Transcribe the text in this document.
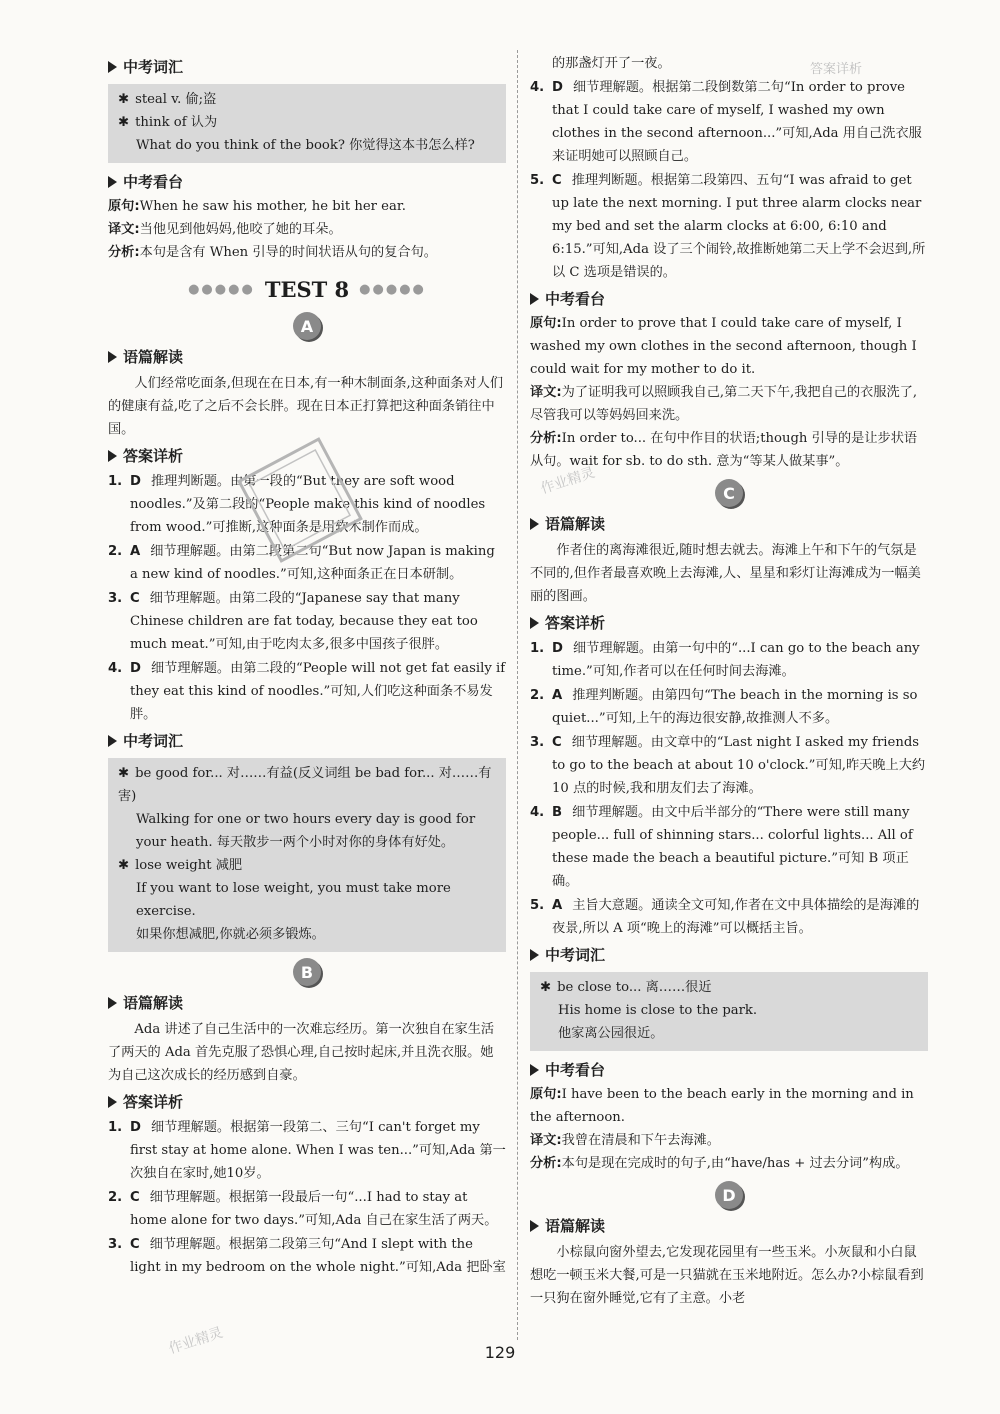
答案详析
中考词汇

✱ steal v. 偷;盗

✱ think of 认为

What do you think of the book? 你觉得这本书怎么样?

中考看台

原句:When he saw his mother, he bit her ear.

译文:当他见到他妈妈,他咬了她的耳朵。

分析:本句是含有 When 引导的时间状语从句的复合句。

●●●●● TEST 8 ●●●●●
A
语篇解读

人们经常吃面条,但现在在日本,有一种木制面条,这种面条对人们的健康有益,吃了之后不会长胖。现在日本正打算把这种面条销往中国。

答案详析
1. D 推理判断题。由第一段的“But they are soft wood noodles.”及第二段的“People make this kind of noodles from wood.”可推断,这种面条是用软木制作而成。
2. A 细节理解题。由第二段第二句“But now Japan is making a new kind of noodles.”可知,这种面条正在日本研制。
3. C 细节理解题。由第二段的“Japanese say that many Chinese children are fat today, because they eat too much meat.”可知,由于吃肉太多,很多中国孩子很胖。
4. D 细节理解题。由第二段的“People will not get fat easily if they eat this kind of noodles.”可知,人们吃这种面条不易发胖。
中考词汇

✱ be good for... 对……有益(反义词组 be bad for... 对……有害)

Walking for one or two hours every day is good for your heath. 每天散步一两个小时对你的身体有好处。

✱ lose weight 减肥

If you want to lose weight, you must take more exercise.

如果你想减肥,你就必须多锻炼。

B
语篇解读

Ada 讲述了自己生活中的一次难忘经历。第一次独自在家生活了两天的 Ada 首先克服了恐惧心理,自己按时起床,并且洗衣服。她为自己这次成长的经历感到自豪。

答案详析
1. D 细节理解题。根据第一段第二、三句“I can't forget my first stay at home alone. When I was ten...”可知,Ada 第一次独自在家时,她10岁。
2. C 细节理解题。根据第一段最后一句“...I had to stay at home alone for two days.”可知,Ada 自己在家生活了两天。
3. C 细节理解题。根据第二段第三句“And I slept with the light in my bedroom on the whole night.”可知,Ada 把卧室

的那盏灯开了一夜。

4. D 细节理解题。根据第二段倒数第二句“In order to prove that I could take care of myself, I washed my own clothes in the second afternoon...”可知,Ada 用自己洗衣服来证明她可以照顾自己。
5. C 推理判断题。根据第二段第四、五句“I was afraid to get up late the next morning. I put three alarm clocks near my bed and set the alarm clocks at 6:00, 6:10 and 6:15.”可知,Ada 设了三个闹铃,故推断她第二天上学不会迟到,所以 C 选项是错误的。
中考看台

原句:In order to prove that I could take care of myself, I washed my own clothes in the second afternoon, though I could wait for my mother to do it.

译文:为了证明我可以照顾我自己,第二天下午,我把自己的衣服洗了,尽管我可以等妈妈回来洗。

分析:In order to... 在句中作目的状语;though 引导的是让步状语从句。wait for sb. to do sth. 意为“等某人做某事”。

C
语篇解读

作者住的离海滩很近,随时想去就去。海滩上午和下午的气氛是不同的,但作者最喜欢晚上去海滩,人、星星和彩灯让海滩成为一幅美丽的图画。

答案详析
1. D 细节理解题。由第一句中的“...I can go to the beach any time.”可知,作者可以在任何时间去海滩。
2. A 推理判断题。由第四句“The beach in the morning is so quiet...”可知,上午的海边很安静,故推测人不多。
3. C 细节理解题。由文章中的“Last night I asked my friends to go to the beach at about 10 o'clock.”可知,昨天晚上大约 10 点的时候,我和朋友们去了海滩。
4. B 细节理解题。由文中后半部分的“There were still many people... full of shinning stars... colorful lights... All of these made the beach a beautiful picture.”可知 B 项正确。
5. A 主旨大意题。通读全文可知,作者在文中具体描绘的是海滩的夜景,所以 A 项“晚上的海滩”可以概括主旨。
中考词汇

✱ be close to... 离……很近

His home is close to the park.

他家离公园很近。

中考看台

原句:I have been to the beach early in the morning and in the afternoon.

译文:我曾在清晨和下午去海滩。

分析:本句是现在完成时的句子,由“have/has + 过去分词”构成。

D
语篇解读

小棕鼠向窗外望去,它发现花园里有一些玉米。小灰鼠和小白鼠想吃一顿玉米大餐,可是一只猫就在玉米地附近。怎么办?小棕鼠看到一只狗在窗外睡觉,它有了主意。小老

作业精灵
作业精灵	129
